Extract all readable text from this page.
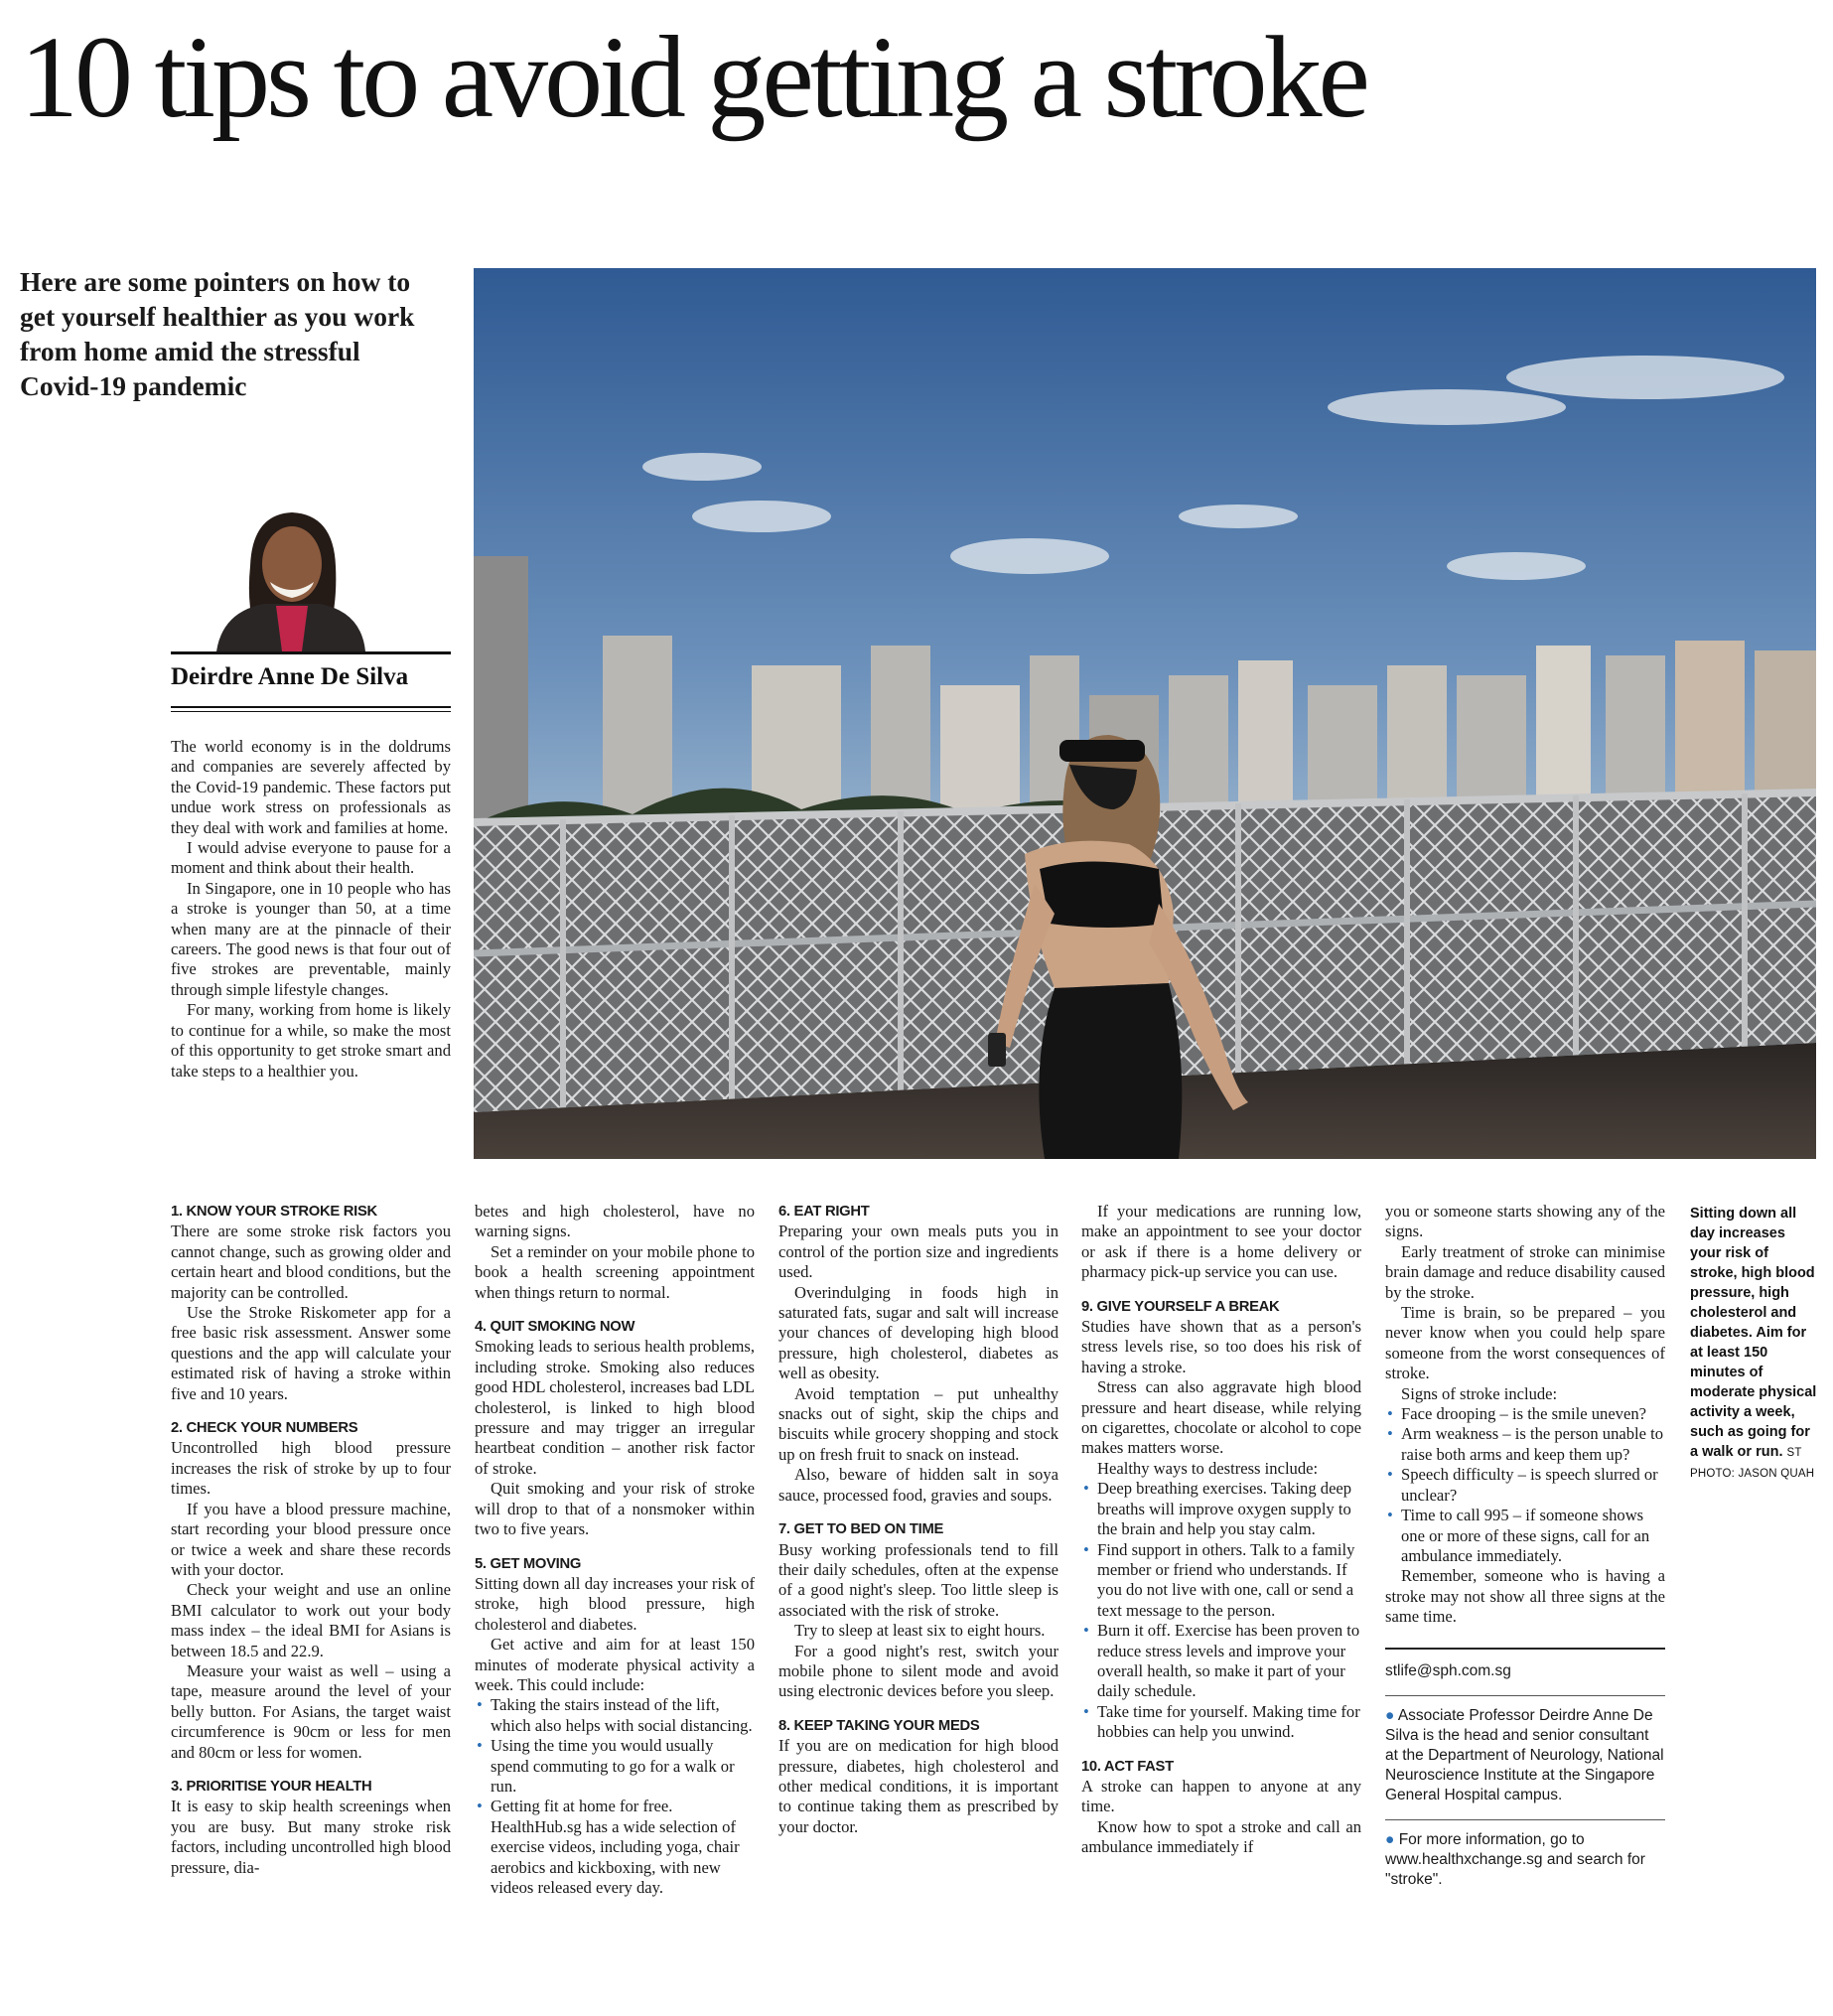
10 tips to avoid getting a stroke
Here are some pointers on how to get yourself healthier as you work from home amid the stressful Covid-19 pandemic
Deirdre Anne De Silva

The world economy is in the doldrums and companies are severely affected by the Covid-19 pandemic. These factors put undue work stress on professionals as they deal with work and families at home.

I would advise everyone to pause for a moment and think about their health.

In Singapore, one in 10 people who has a stroke is younger than 50, at a time when many are at the pinnacle of their careers. The good news is that four out of five strokes are preventable, mainly through simple lifestyle changes.

For many, working from home is likely to continue for a while, so make the most of this opportunity to get stroke smart and take steps to a healthier you.

1. KNOW YOUR STROKE RISK

There are some stroke risk factors you cannot change, such as growing older and certain heart and blood conditions, but the majority can be controlled.

Use the Stroke Riskometer app for a free basic risk assessment. Answer some questions and the app will calculate your estimated risk of having a stroke within five and 10 years.

2. CHECK YOUR NUMBERS

Uncontrolled high blood pressure increases the risk of stroke by up to four times.

If you have a blood pressure machine, start recording your blood pressure once or twice a week and share these records with your doctor.

Check your weight and use an online BMI calculator to work out your body mass index – the ideal BMI for Asians is between 18.5 and 22.9.

Measure your waist as well – using a tape, measure around the level of your belly button. For Asians, the target waist circumference is 90cm or less for men and 80cm or less for women.

3. PRIORITISE YOUR HEALTH

It is easy to skip health screenings when you are busy. But many stroke risk factors, including uncontrolled high blood pressure, dia-

betes and high cholesterol, have no warning signs.

Set a reminder on your mobile phone to book a health screening appointment when things return to normal.

4. QUIT SMOKING NOW

Smoking leads to serious health problems, including stroke. Smoking also reduces good HDL cholesterol, increases bad LDL cholesterol, is linked to high blood pressure and may trigger an irregular heartbeat condition – another risk factor of stroke.

Quit smoking and your risk of stroke will drop to that of a nonsmoker within two to five years.

5. GET MOVING

Sitting down all day increases your risk of stroke, high blood pressure, high cholesterol and diabetes.

Get active and aim for at least 150 minutes of moderate physical activity a week. This could include:

• Taking the stairs instead of the lift, which also helps with social distancing.
• Using the time you would usually spend commuting to go for a walk or run.
• Getting fit at home for free. HealthHub.sg has a wide selection of exercise videos, including yoga, chair aerobics and kickboxing, with new videos released every day.
6. EAT RIGHT

Preparing your own meals puts you in control of the portion size and ingredients used.

Overindulging in foods high in saturated fats, sugar and salt will increase your chances of developing high blood pressure, high cholesterol, diabetes as well as obesity.

Avoid temptation – put unhealthy snacks out of sight, skip the chips and biscuits while grocery shopping and stock up on fresh fruit to snack on instead.

Also, beware of hidden salt in soya sauce, processed food, gravies and soups.

7. GET TO BED ON TIME

Busy working professionals tend to fill their daily schedules, often at the expense of a good night's sleep. Too little sleep is associated with the risk of stroke.

Try to sleep at least six to eight hours.

For a good night's rest, switch your mobile phone to silent mode and avoid using electronic devices before you sleep.

8. KEEP TAKING YOUR MEDS

If you are on medication for high blood pressure, diabetes, high cholesterol and other medical conditions, it is important to continue taking them as prescribed by your doctor.

If your medications are running low, make an appointment to see your doctor or ask if there is a home delivery or pharmacy pick-up service you can use.

9. GIVE YOURSELF A BREAK

Studies have shown that as a person's stress levels rise, so too does his risk of having a stroke.

Stress can also aggravate high blood pressure and heart disease, while relying on cigarettes, chocolate or alcohol to cope makes matters worse.

Healthy ways to destress include:

• Deep breathing exercises. Taking deep breaths will improve oxygen supply to the brain and help you stay calm.
• Find support in others. Talk to a family member or friend who understands. If you do not live with one, call or send a text message to the person.
• Burn it off. Exercise has been proven to reduce stress levels and improve your overall health, so make it part of your daily schedule.
• Take time for yourself. Making time for hobbies can help you unwind.
10. ACT FAST

A stroke can happen to anyone at any time.

Know how to spot a stroke and call an ambulance immediately if

you or someone starts showing any of the signs.

Early treatment of stroke can minimise brain damage and reduce disability caused by the stroke.

Time is brain, so be prepared – you never know when you could help spare someone from the worst consequences of stroke.

Signs of stroke include:

• Face drooping – is the smile uneven?
• Arm weakness – is the person unable to raise both arms and keep them up?
• Speech difficulty – is speech slurred or unclear?
• Time to call 995 – if someone shows one or more of these signs, call for an ambulance immediately.

Remember, someone who is having a stroke may not show all three signs at the same time.

stlife@sph.com.sg
● Associate Professor Deirdre Anne De Silva is the head and senior consultant at the Department of Neurology, National Neuroscience Institute at the Singapore General Hospital campus.
● For more information, go to www.healthxchange.sg and search for "stroke".
Sitting down all day increases your risk of stroke, high blood pressure, high cholesterol and diabetes. Aim for at least 150 minutes of moderate physical activity a week, such as going for a walk or run. ST PHOTO: JASON QUAH
